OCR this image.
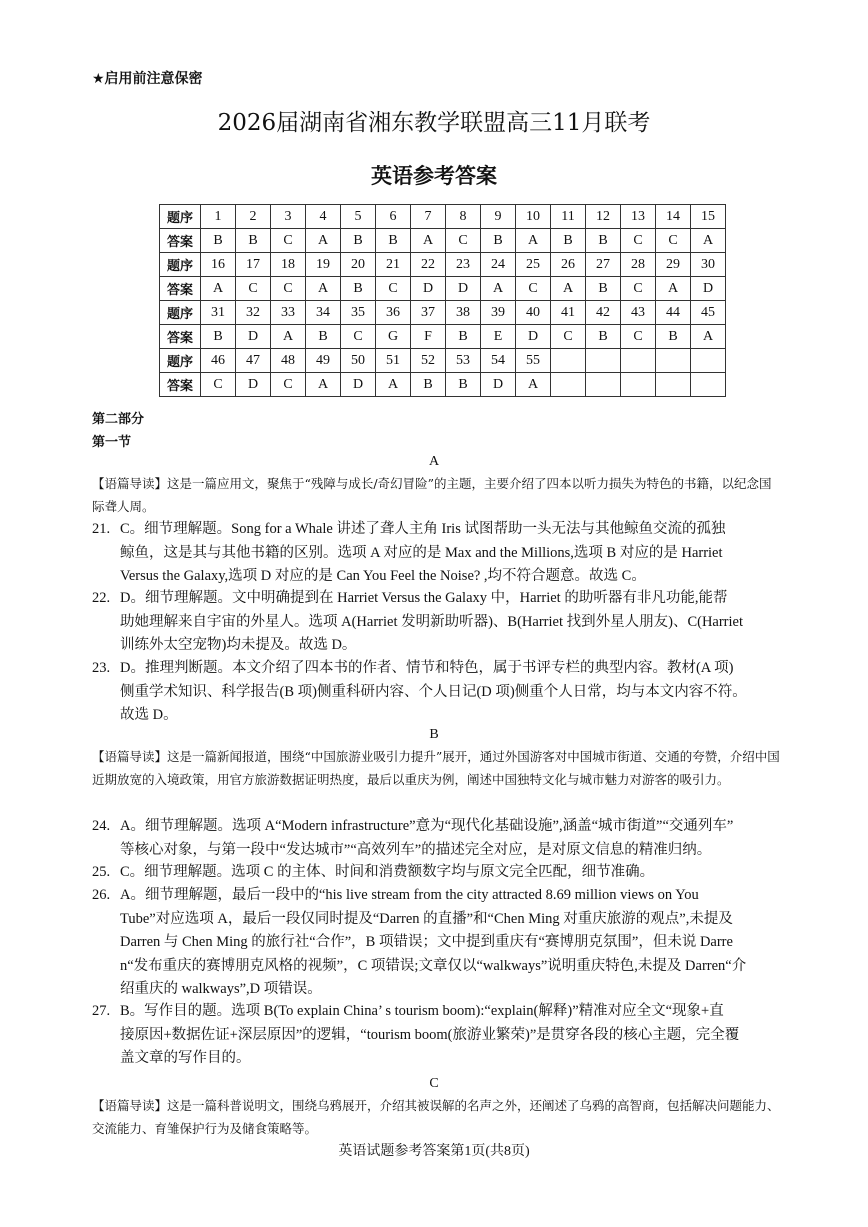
★启用前注意保密
2026届湖南省湘东教学联盟高三11月联考
英语参考答案
题序	1	2	3	4	5	6	7	8	9	10	11	12	13	14	15
答案	B	B	C	A	B	B	A	C	B	A	B	B	C	C	A
题序	16	17	18	19	20	21	22	23	24	25	26	27	28	29	30
答案	A	C	C	A	B	C	D	D	A	C	A	B	C	A	D
题序	31	32	33	34	35	36	37	38	39	40	41	42	43	44	45
答案	B	D	A	B	C	G	F	B	E	D	C	B	C	B	A
题序	46	47	48	49	50	51	52	53	54	55					
答案	C	D	C	A	D	A	B	B	D	A					
第二部分
第一节
A

【语篇导读】这是一篇应用文，聚焦于“残障与成长/奇幻冒险”的主题，主要介绍了四本以听力损失为特色的书籍，以纪念国际聋人周。

21. C。细节理解题。Song for a Whale 讲述了聋人主角 Iris 试图帮助一头无法与其他鲸鱼交流的孤独
鲸鱼，这是其与其他书籍的区别。选项 A 对应的是 Max and the Millions,选项 B 对应的是 Harriet
Versus the Galaxy,选项 D 对应的是 Can You Feel the Noise? ,均不符合题意。故选 C。
22. D。细节理解题。文中明确提到在 Harriet Versus the Galaxy 中，Harriet 的助听器有非凡功能,能帮
助她理解来自宇宙的外星人。选项 A(Harriet 发明新助听器)、B(Harriet 找到外星人朋友)、C(Harriet
训练外太空宠物)均未提及。故选 D。
23. D。推理判断题。本文介绍了四本书的作者、情节和特色，属于书评专栏的典型内容。教材(A 项)
侧重学术知识、科学报告(B 项)侧重科研内容、个人日记(D 项)侧重个人日常，均与本文内容不符。
故选 D。
B

【语篇导读】这是一篇新闻报道，围绕“中国旅游业吸引力提升”展开，通过外国游客对中国城市街道、交通的夸赞，介绍中国近期放宽的入境政策，用官方旅游数据证明热度，最后以重庆为例，阐述中国独特文化与城市魅力对游客的吸引力。

24. A。细节理解题。选项 A“Modern infrastructure”意为“现代化基础设施”,涵盖“城市街道”“交通列车”
等核心对象，与第一段中“发达城市”“高效列车”的描述完全对应，是对原文信息的精准归纳。
25. C。细节理解题。选项 C 的主体、时间和消费额数字均与原文完全匹配，细节准确。
26. A。细节理解题，最后一段中的“his live stream from the city attracted 8.69 million views on You
Tube”对应选项 A，最后一段仅同时提及“Darren 的直播”和“Chen Ming 对重庆旅游的观点”,未提及
Darren 与 Chen Ming 的旅行社“合作”，B 项错误；文中提到重庆有“赛博朋克氛围”，但未说 Darre
n“发布重庆的赛博朋克风格的视频”，C 项错误;文章仅以“walkways”说明重庆特色,未提及 Darren“介
绍重庆的 walkways”,D 项错误。
27. B。写作目的题。选项 B(To explain China’ s tourism boom):“explain(解释)”精准对应全文“现象+直
接原因+数据佐证+深层原因”的逻辑，“tourism boom(旅游业繁荣)”是贯穿各段的核心主题，完全覆
盖文章的写作目的。
C

【语篇导读】这是一篇科普说明文，围绕乌鸦展开，介绍其被误解的名声之外，还阐述了乌鸦的高智商，包括解决问题能力、交流能力、育雏保护行为及储食策略等。

英语试题参考答案第1页(共8页)
